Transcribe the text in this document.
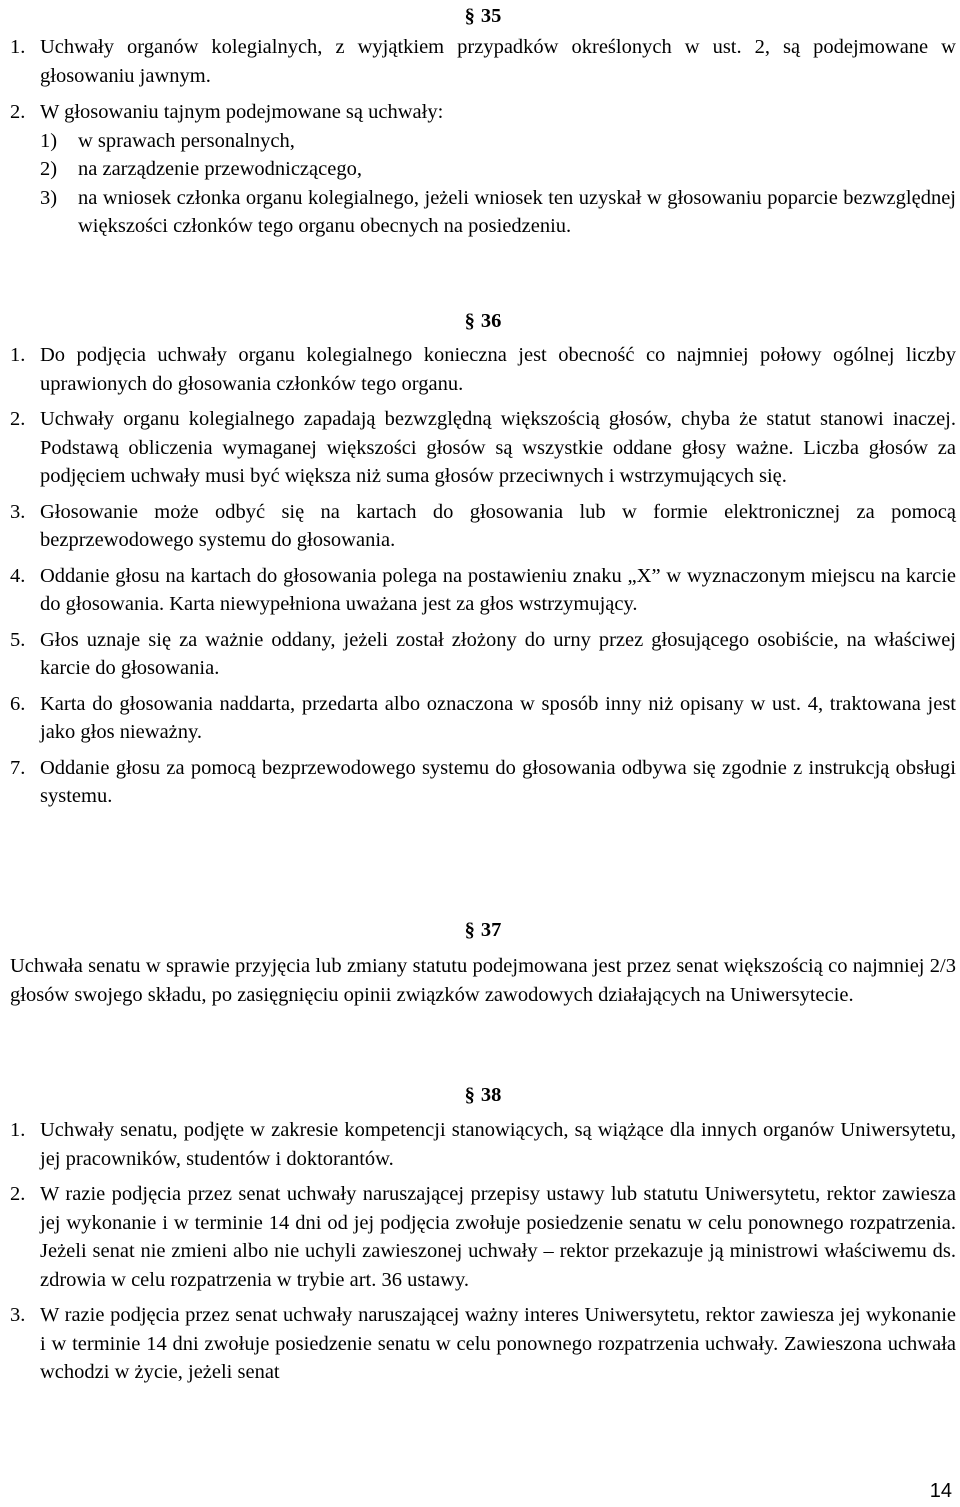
§ 35
1. Uchwały organów kolegialnych, z wyjątkiem przypadków określonych w ust. 2, są podejmowane w głosowaniu jawnym.
2. W głosowaniu tajnym podejmowane są uchwały:
1) w sprawach personalnych,
2) na zarządzenie przewodniczącego,
3) na wniosek członka organu kolegialnego, jeżeli wniosek ten uzyskał w głosowaniu poparcie bezwzględnej większości członków tego organu obecnych na posiedzeniu.
§ 36
1. Do podjęcia uchwały organu kolegialnego konieczna jest obecność co najmniej połowy ogólnej liczby uprawionych do głosowania członków tego organu.
2. Uchwały organu kolegialnego zapadają bezwzględną większością głosów, chyba że statut stanowi inaczej. Podstawą obliczenia wymaganej większości głosów są wszystkie oddane głosy ważne. Liczba głosów za podjęciem uchwały musi być większa niż suma głosów przeciwnych i wstrzymujących się.
3. Głosowanie może odbyć się na kartach do głosowania lub w formie elektronicznej za pomocą bezprzewodowego systemu do głosowania.
4. Oddanie głosu na kartach do głosowania polega na postawieniu znaku „X” w wyznaczonym miejscu na karcie do głosowania. Karta niewypełniona uważana jest za głos wstrzymujący.
5. Głos uznaje się za ważnie oddany, jeżeli został złożony do urny przez głosującego osobiście, na właściwej karcie do głosowania.
6. Karta do głosowania naddarta, przedarta albo oznaczona w sposób inny niż opisany w ust. 4, traktowana jest jako głos nieważny.
7. Oddanie głosu za pomocą bezprzewodowego systemu do głosowania odbywa się zgodnie z instrukcją obsługi systemu.
§ 37
Uchwała senatu w sprawie przyjęcia lub zmiany statutu podejmowana jest przez senat większością co najmniej 2/3 głosów swojego składu, po zasięgnięciu opinii związków zawodowych działających na Uniwersytecie.
§ 38
1. Uchwały senatu, podjęte w zakresie kompetencji stanowiących, są wiążące dla innych organów Uniwersytetu, jej pracowników, studentów i doktorantów.
2. W razie podjęcia przez senat uchwały naruszającej przepisy ustawy lub statutu Uniwersytetu, rektor zawiesza jej wykonanie i w terminie 14 dni od jej podjęcia zwołuje posiedzenie senatu w celu ponownego rozpatrzenia. Jeżeli senat nie zmieni albo nie uchyli zawieszonej uchwały – rektor przekazuje ją ministrowi właściwemu ds. zdrowia w celu rozpatrzenia w trybie art. 36 ustawy.
3. W razie podjęcia przez senat uchwały naruszającej ważny interes Uniwersytetu, rektor zawiesza jej wykonanie i w terminie 14 dni zwołuje posiedzenie senatu w celu ponownego rozpatrzenia uchwały. Zawieszona uchwała wchodzi w życie, jeżeli senat
14
